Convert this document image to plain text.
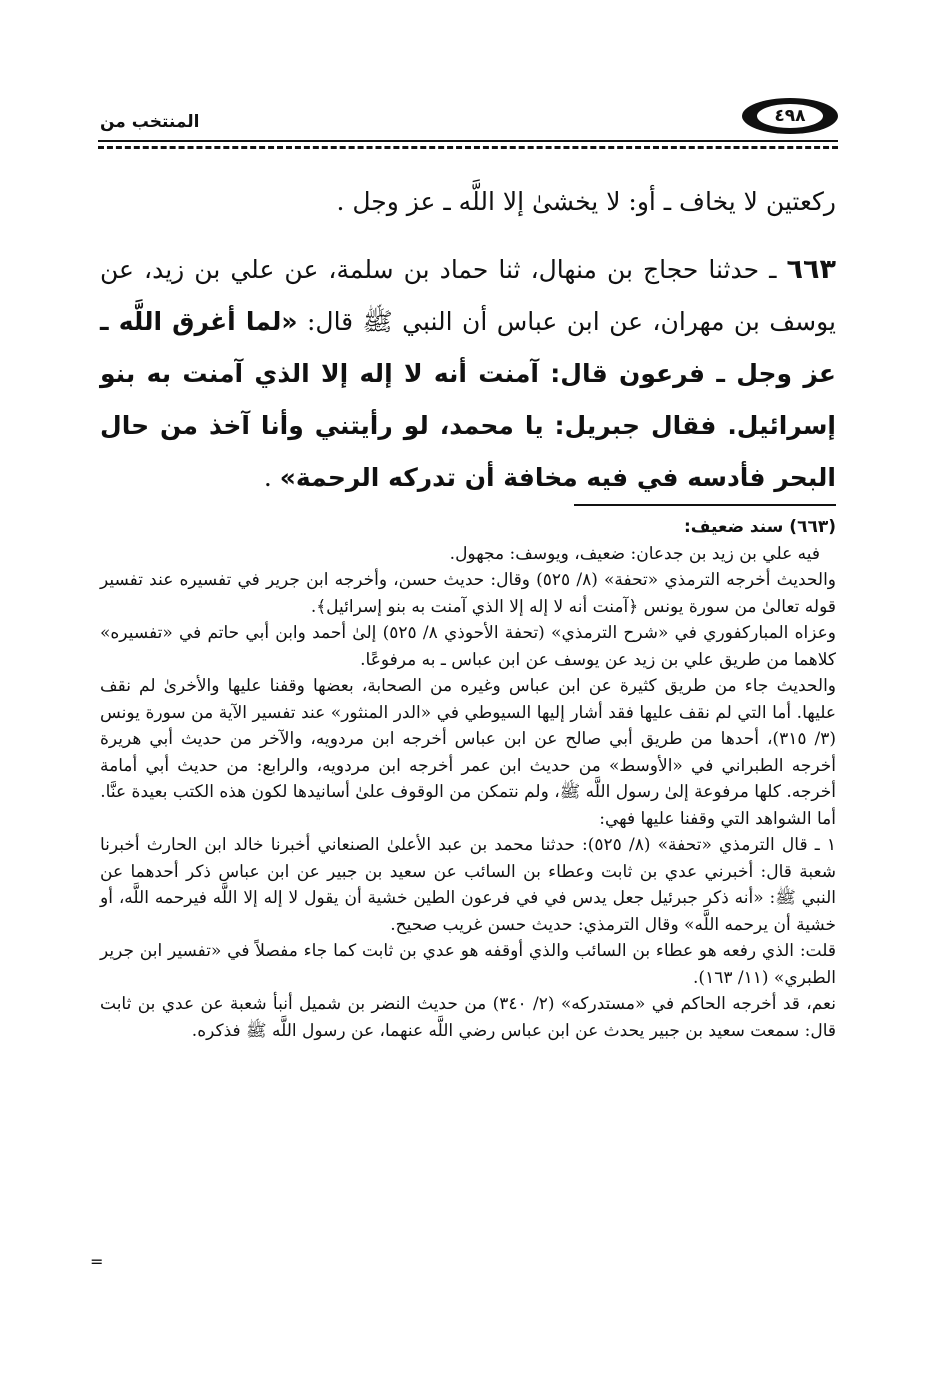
٤٩٨
المنتخب من

ركعتين لا يخاف ـ أو: لا يخشىٰ إلا اللَّه ـ عز وجل .

٦٦٣ ـ حدثنا حجاج بن منهال، ثنا حماد بن سلمة، عن علي بن زيد، عن يوسف بن مهران، عن ابن عباس أن النبي ﷺ قال: «لما أغرق اللَّه ـ عز وجل ـ فرعون قال: آمنت أنه لا إله إلا الذي آمنت به بنو إسرائيل. فقال جبريل: يا محمد، لو رأيتني وأنا آخذ من حال البحر فأدسه في فيه مخافة أن تدركه الرحمة» .

(٦٦٣) سند ضعيف:

فيه علي بن زيد بن جدعان: ضعيف، ويوسف: مجهول.

والحديث أخرجه الترمذي «تحفة» (٨/ ٥٢٥) وقال: حديث حسن، وأخرجه ابن جرير في تفسيره عند تفسير قوله تعالىٰ من سورة يونس ﴿آمنت أنه لا إله إلا الذي آمنت به بنو إسرائيل﴾.

وعزاه المباركفوري في «شرح الترمذي» (تحفة الأحوذي ٨/ ٥٢٥) إلىٰ أحمد وابن أبي حاتم في «تفسيره» كلاهما من طريق علي بن زيد عن يوسف عن ابن عباس ـ به مرفوعًا.

والحديث جاء من طريق كثيرة عن ابن عباس وغيره من الصحابة، بعضها وقفنا عليها والأخرىٰ لم نقف عليها. أما التي لم نقف عليها فقد أشار إليها السيوطي في «الدر المنثور» عند تفسير الآية من سورة يونس (٣/ ٣١٥)، أحدها من طريق أبي صالح عن ابن عباس أخرجه ابن مردويه، والآخر من حديث أبي هريرة أخرجه الطبراني في «الأوسط» من حديث ابن عمر أخرجه ابن مردويه، والرابع: من حديث أبي أمامة أخرجه. كلها مرفوعة إلىٰ رسول اللَّه ﷺ، ولم نتمكن من الوقوف علىٰ أسانيدها لكون هذه الكتب بعيدة عنَّا.

أما الشواهد التي وقفنا عليها فهي:

١ ـ قال الترمذي «تحفة» (٨/ ٥٢٥): حدثنا محمد بن عبد الأعلىٰ الصنعاني أخبرنا خالد ابن الحارث أخبرنا شعبة قال: أخبرني عدي بن ثابت وعطاء بن السائب عن سعيد بن جبير عن ابن عباس ذكر أحدهما عن النبي ﷺ: «أنه ذكر جبرئيل جعل يدس في في فرعون الطين خشية أن يقول لا إله إلا اللَّه فيرحمه اللَّه، أو خشية أن يرحمه اللَّه» وقال الترمذي: حديث حسن غريب صحيح.

قلت: الذي رفعه هو عطاء بن السائب والذي أوقفه هو عدي بن ثابت كما جاء مفصلاً في «تفسير ابن جرير الطبري» (١١/ ١٦٣).

نعم، قد أخرجه الحاكم في «مستدركه» (٢/ ٣٤٠) من حديث النضر بن شميل أنبأ شعبة عن عدي بن ثابت قال: سمعت سعيد بن جبير يحدث عن ابن عباس رضي اللَّه عنهما، عن رسول اللَّه ﷺ فذكره.

=
